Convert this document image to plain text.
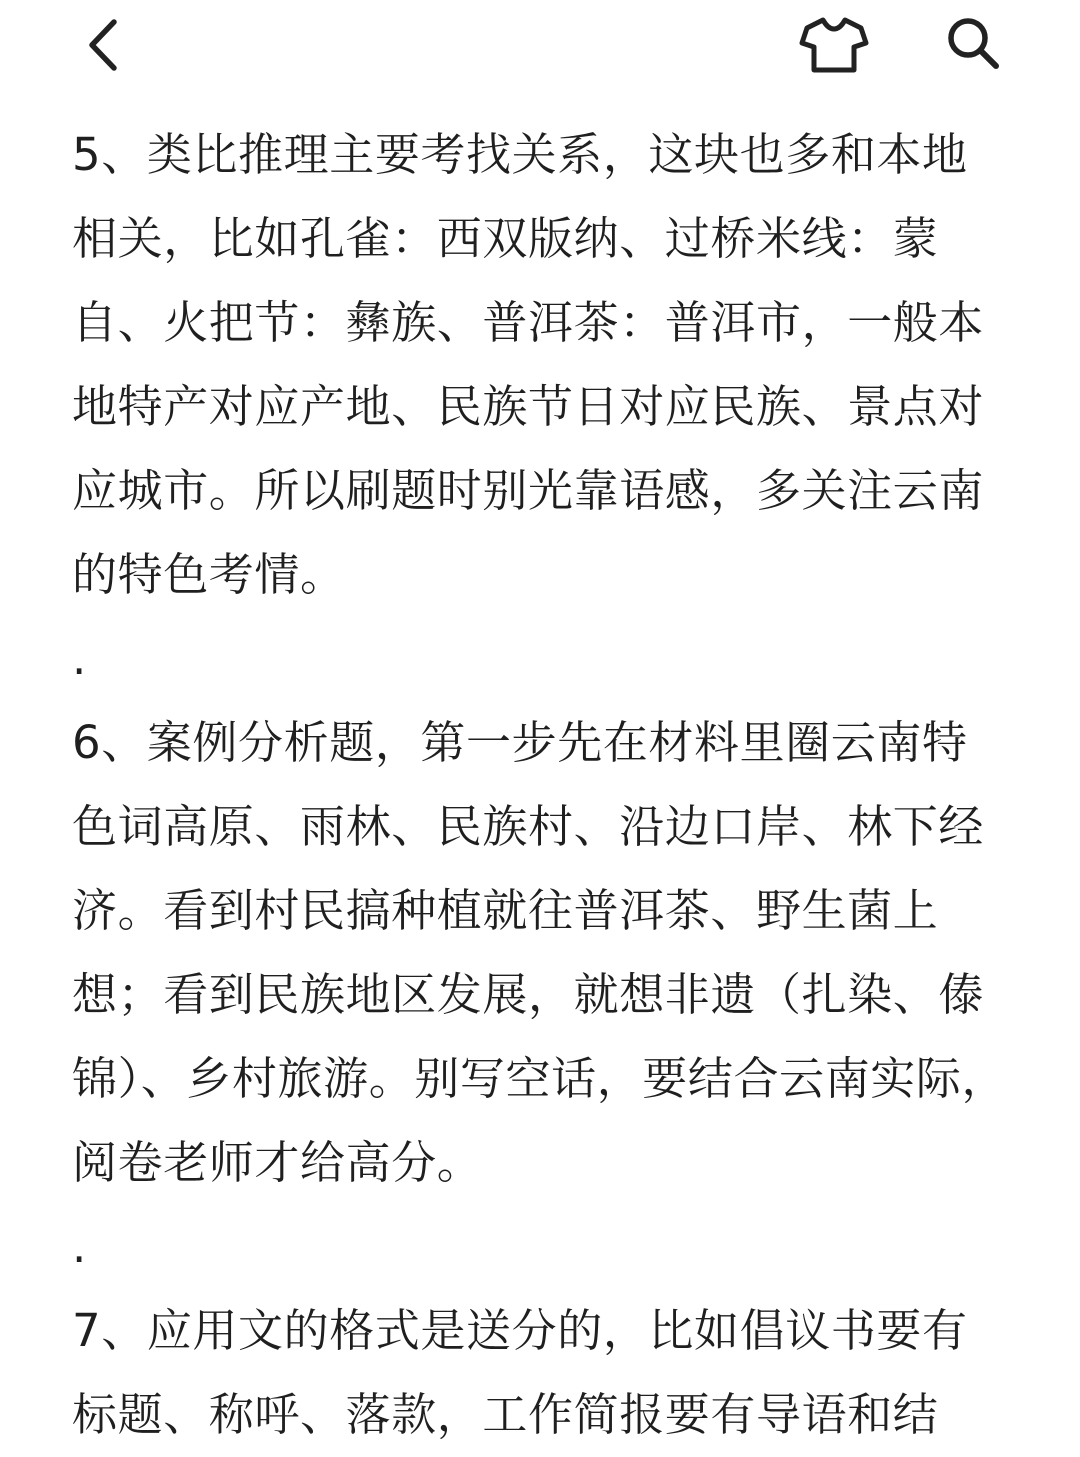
5、类比推理主要考找关系，这块也多和本地相关，比如孔雀：西双版纳、过桥米线：蒙自、火把节：彝族、普洱茶：普洱市，一般本地特产对应产地、民族节日对应民族、景点对应城市。所以刷题时别光靠语感，多关注云南的特色考情。

.

6、案例分析题，第一步先在材料里圈云南特色词高原、雨林、民族村、沿边口岸、林下经济。看到村民搞种植就往普洱茶、野生菌上想；看到民族地区发展，就想非遗（扎染、傣锦）、乡村旅游。别写空话，要结合云南实际，阅卷老师才给高分。

.

7、应用文的格式是送分的，比如倡议书要有标题、称呼、落款，工作简报要有导语和结
